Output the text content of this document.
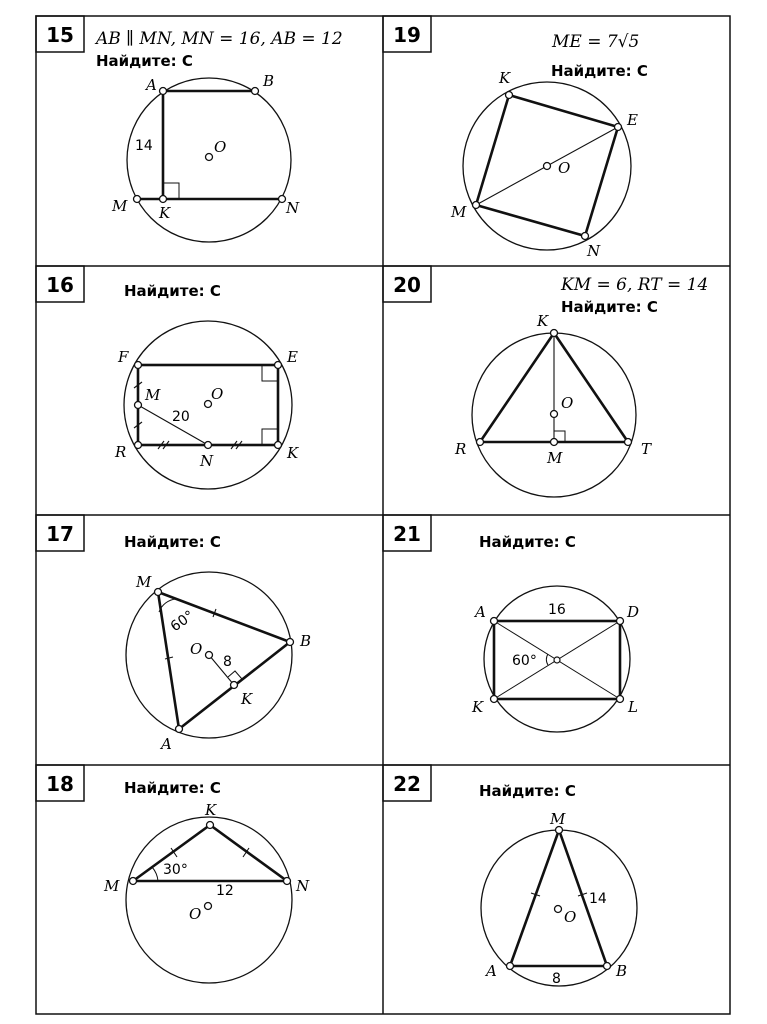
15 AB ∥ MN, MN = 16, AB = 12
Найдите: C
A	B
M	N
K
O
14
16	Найдите: C
F	E
M	O
R	N	K
20
17	Найдите: C
M
B
O
K
A
60°
8
18	Найдите: C
K
M	N
O
30°
12
19	ME = 7√5
Найдите: C
K
E
O
M
N
20	KM = 6, RT = 14
Найдите: C
K
O
R	M	T
21	Найдите: C
A	D
K	L
16
60°
22	Найдите: C
M
O
A	B
14
8
